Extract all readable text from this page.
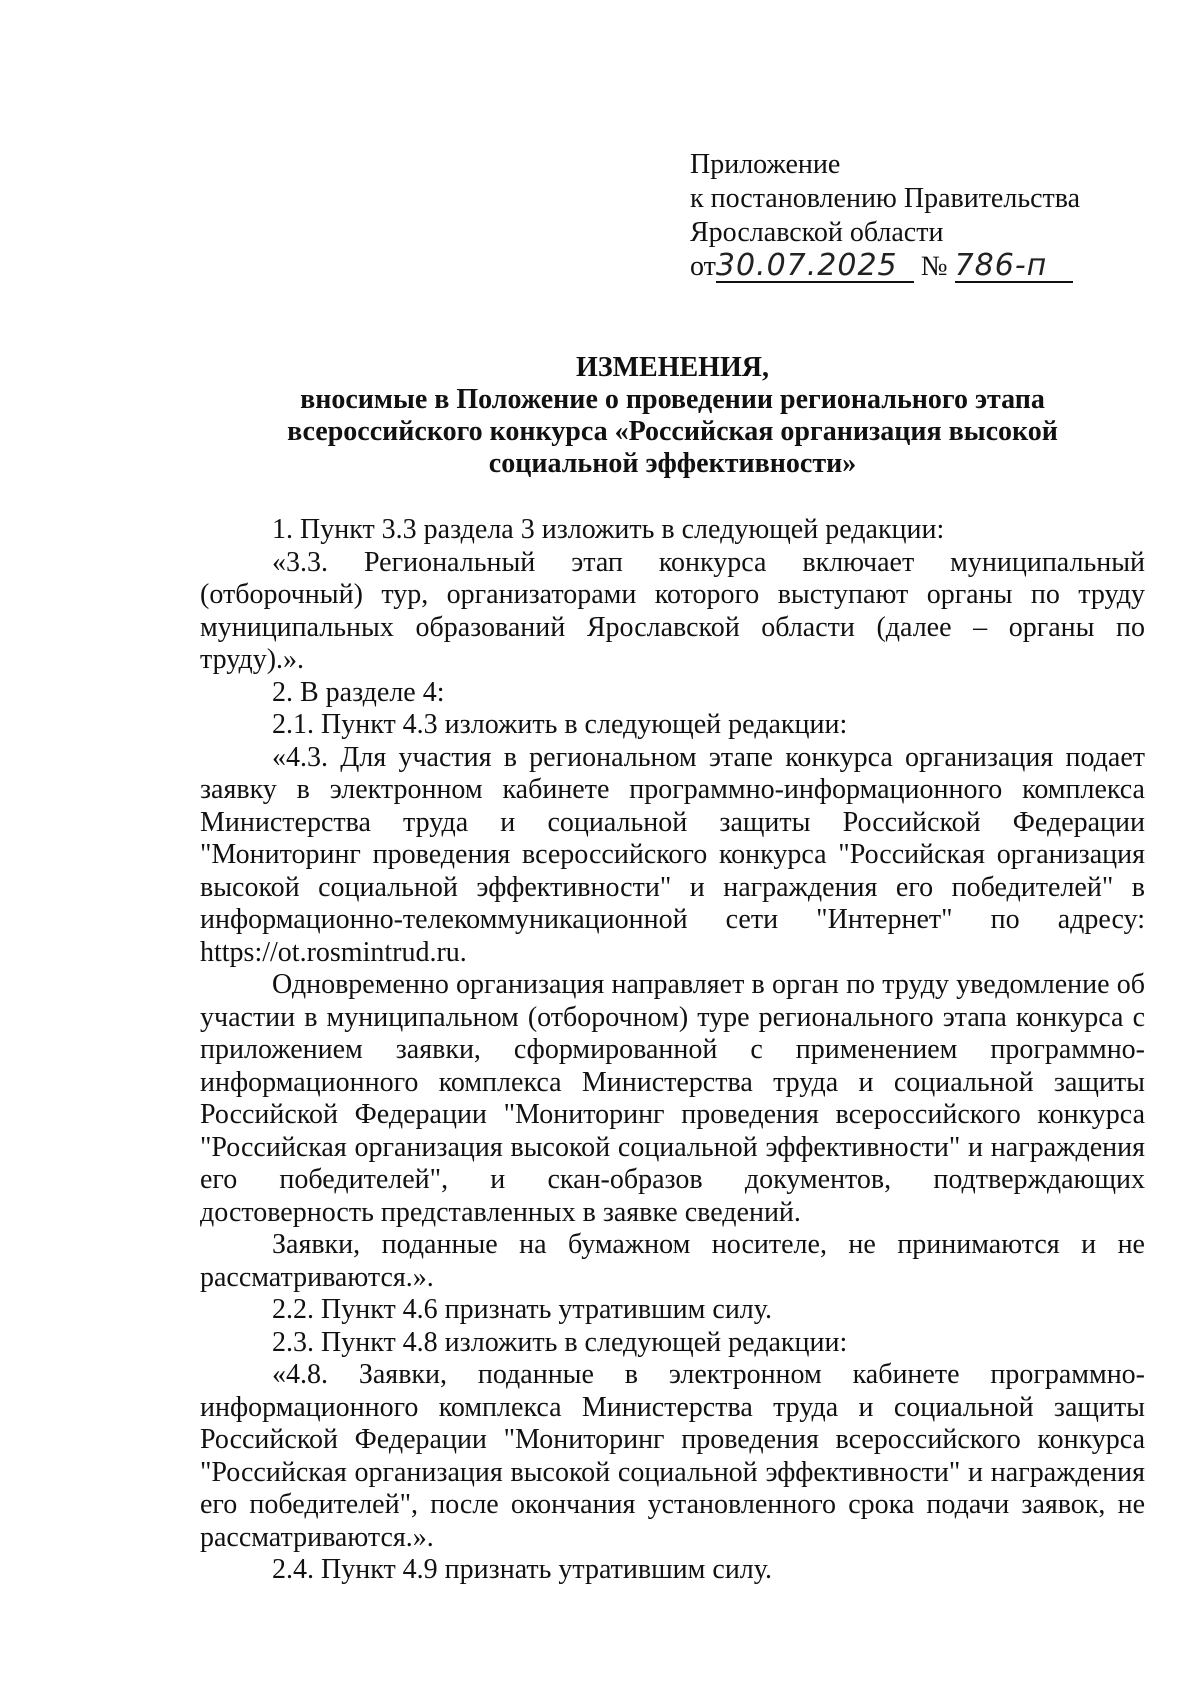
Приложение
к постановлению Правительства
Ярославской области
от30.07.2025 № 786-п
ИЗМЕНЕНИЯ,
вносимые в Положение о проведении регионального этапа
всероссийского конкурса «Российская организация высокой
социальной эффективности»

1. Пункт 3.3 раздела 3 изложить в следующей редакции:

«3.3. Региональный этап конкурса включает муниципальный (отборочный) тур, организаторами которого выступают органы по труду муниципальных образований Ярославской области (далее – органы по труду).».

2. В разделе 4:

2.1. Пункт 4.3 изложить в следующей редакции:

«4.3. Для участия в региональном этапе конкурса организация подает заявку в электронном кабинете программно-информационного комплекса Министерства труда и социальной защиты Российской Федерации "Мониторинг проведения всероссийского конкурса "Российская организация высокой социальной эффективности" и награждения его победителей" в информационно-телекоммуникационной сети "Интернет" по адресу: https://ot.rosmintrud.ru.

Одновременно организация направляет в орган по труду уведомление об участии в муниципальном (отборочном) туре регионального этапа конкурса с приложением заявки, сформированной с применением программно-информационного комплекса Министерства труда и социальной защиты Российской Федерации "Мониторинг проведения всероссийского конкурса "Российская организация высокой социальной эффективности" и награждения его победителей", и скан-образов документов, подтверждающих достоверность представленных в заявке сведений.

Заявки, поданные на бумажном носителе, не принимаются и не рассматриваются.».

2.2. Пункт 4.6 признать утратившим силу.

2.3. Пункт 4.8 изложить в следующей редакции:

«4.8. Заявки, поданные в электронном кабинете программно-информационного комплекса Министерства труда и социальной защиты Российской Федерации "Мониторинг проведения всероссийского конкурса "Российская организация высокой социальной эффективности" и награждения его победителей", после окончания установленного срока подачи заявок, не рассматриваются.».

2.4. Пункт 4.9 признать утратившим силу.
